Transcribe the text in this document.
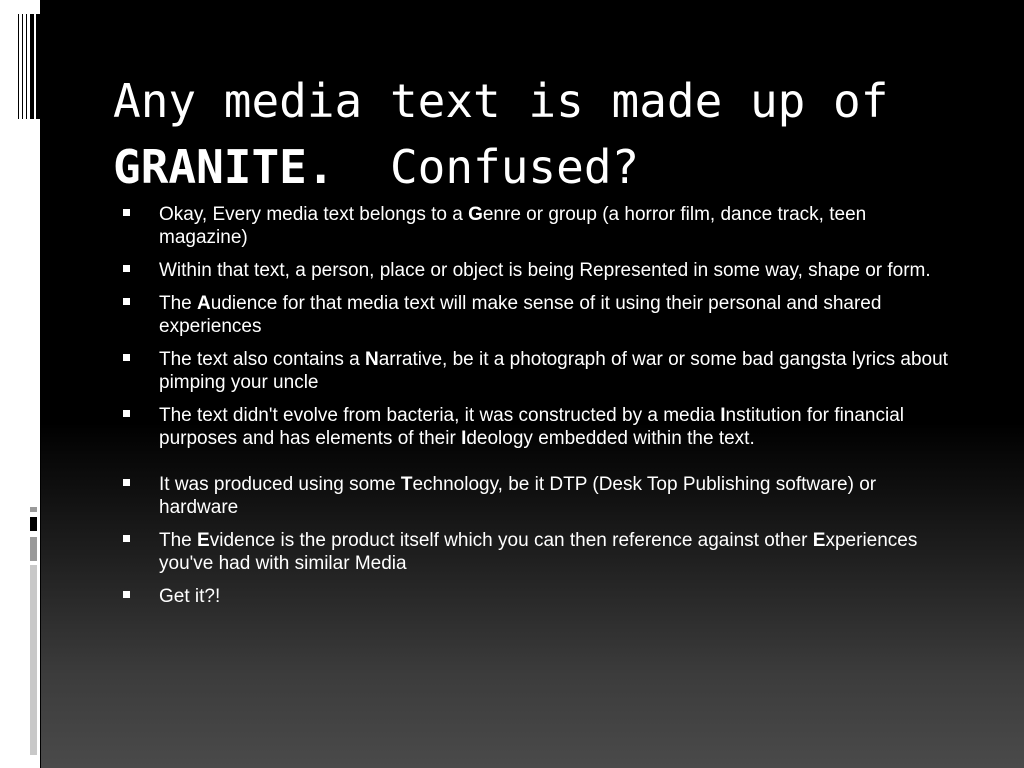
Any media text is made up of
GRANITE. Confused?
Okay, Every media text belongs to a Genre or group (a horror film, dance track, teen magazine)
Within that text, a person, place or object is being Represented in some way, shape or form.
The Audience for that media text will make sense of it using their personal and shared experiences
The text also contains a Narrative, be it a photograph of war or some bad gangsta lyrics about pimping your uncle
The text didn't evolve from bacteria, it was constructed by a media Institution for financial purposes and has elements of their Ideology embedded within the text.
It was produced using some Technology, be it DTP (Desk Top Publishing software) or hardware
The Evidence is the product itself which you can then reference against other Experiences you've had with similar Media
Get it?!
